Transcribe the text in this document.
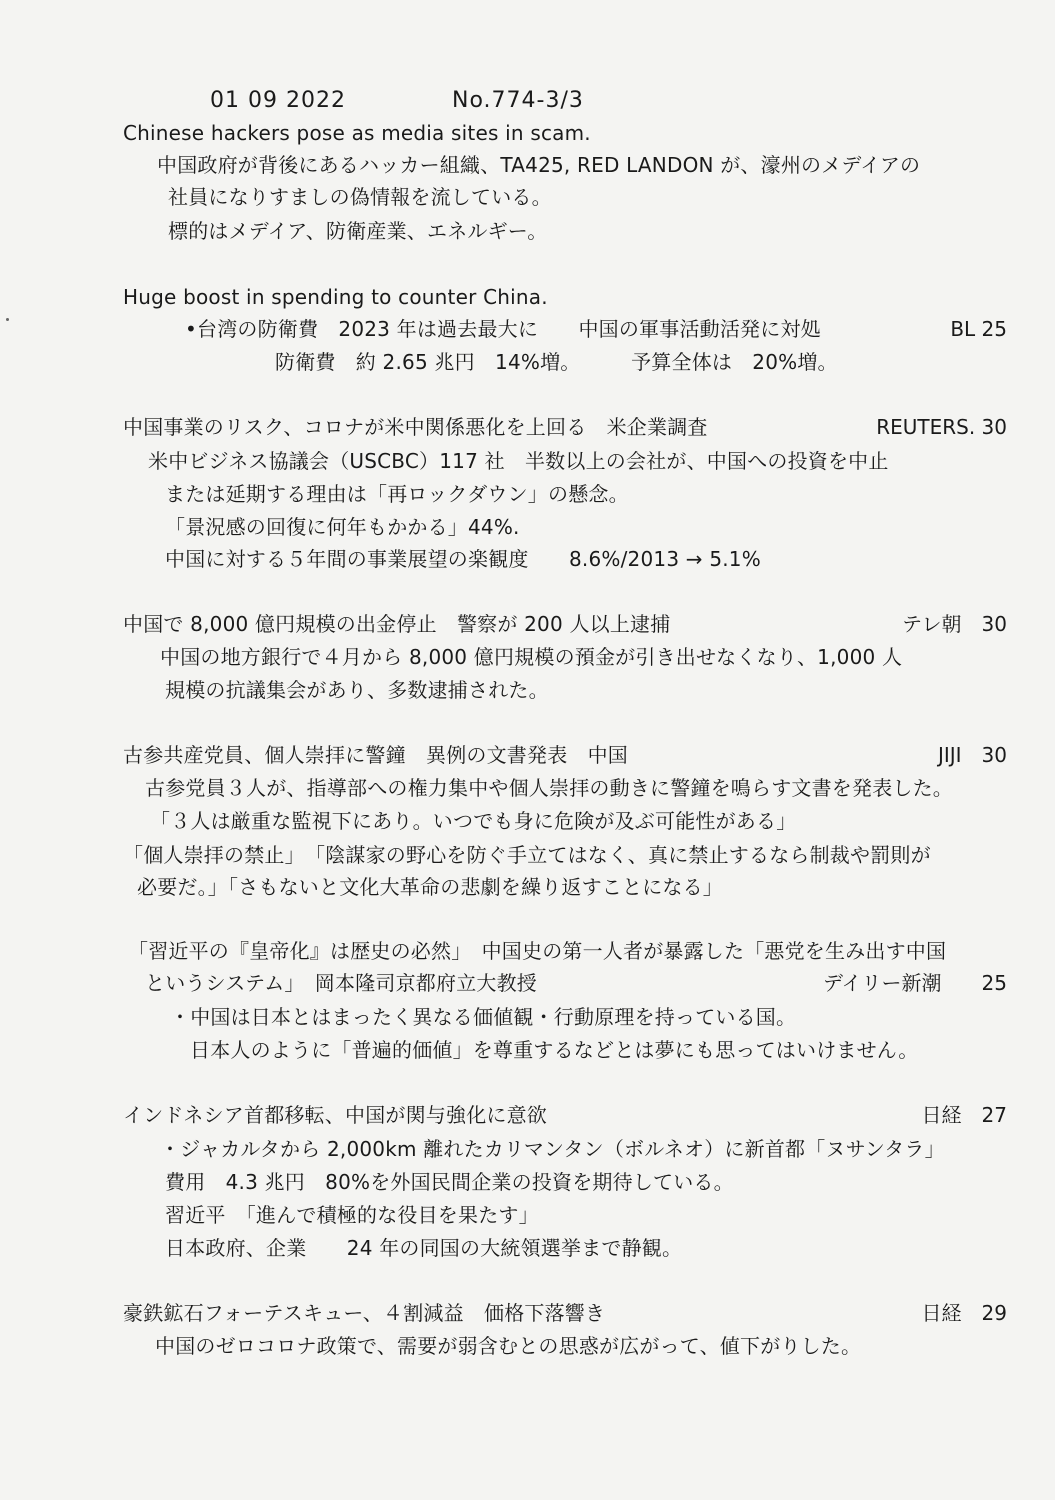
01 09 2022	No.774-3/3
Chinese hackers pose as media sites in scam.
中国政府が背後にあるハッカー組織、TA425, RED LANDON が、濠州のメデイアの
社員になりすましの偽情報を流している。
標的はメデイア、防衛産業、エネルギー。
Huge boost in spending to counter China.
•台湾の防衛費　2023 年は過去最大に　　中国の軍事活動活発に対処	BL 25
防衛費　約 2.65 兆円　14%増。　　　予算全体は　20%増。
中国事業のリスク、コロナが米中関係悪化を上回る　米企業調査	REUTERS. 30
米中ビジネス協議会（USCBC）117 社　半数以上の会社が、中国への投資を中止
または延期する理由は「再ロックダウン」の懸念。
「景況感の回復に何年もかかる」44%.
中国に対する５年間の事業展望の楽観度　　8.6%/2013 → 5.1%
中国で 8,000 億円規模の出金停止　警察が 200 人以上逮捕	テレ朝　30
中国の地方銀行で４月から 8,000 億円規模の預金が引き出せなくなり、1,000 人
規模の抗議集会があり、多数逮捕された。
古参共産党員、個人崇拝に警鐘　異例の文書発表　中国	JIJI　30
古参党員３人が、指導部への権力集中や個人崇拝の動きに警鐘を鳴らす文書を発表した。
「３人は厳重な監視下にあり。いつでも身に危険が及ぶ可能性がある」
「個人崇拝の禁止」　「陰謀家の野心を防ぐ手立てはなく、真に禁止するなら制裁や罰則が
必要だ。」「さもないと文化大革命の悲劇を繰り返すことになる」
「習近平の『皇帝化』は歴史の必然」　中国史の第一人者が暴露した「悪党を生み出す中国
というシステム」　岡本隆司京都府立大教授	デイリー新潮　　25
・中国は日本とはまったく異なる価値観・行動原理を持っている国。
日本人のように「普遍的価値」を尊重するなどとは夢にも思ってはいけません。
インドネシア首都移転、中国が関与強化に意欲	日経　27
・ジャカルタから 2,000km 離れたカリマンタン（ボルネオ）に新首都「ヌサンタラ」
費用　4.3 兆円　80%を外国民間企業の投資を期待している。
習近平　「進んで積極的な役目を果たす」
日本政府、企業　　24 年の同国の大統領選挙まで静観。
豪鉄鉱石フォーテスキュー、４割減益　価格下落響き	日経　29
中国のゼロコロナ政策で、需要が弱含むとの思惑が広がって、値下がりした。
